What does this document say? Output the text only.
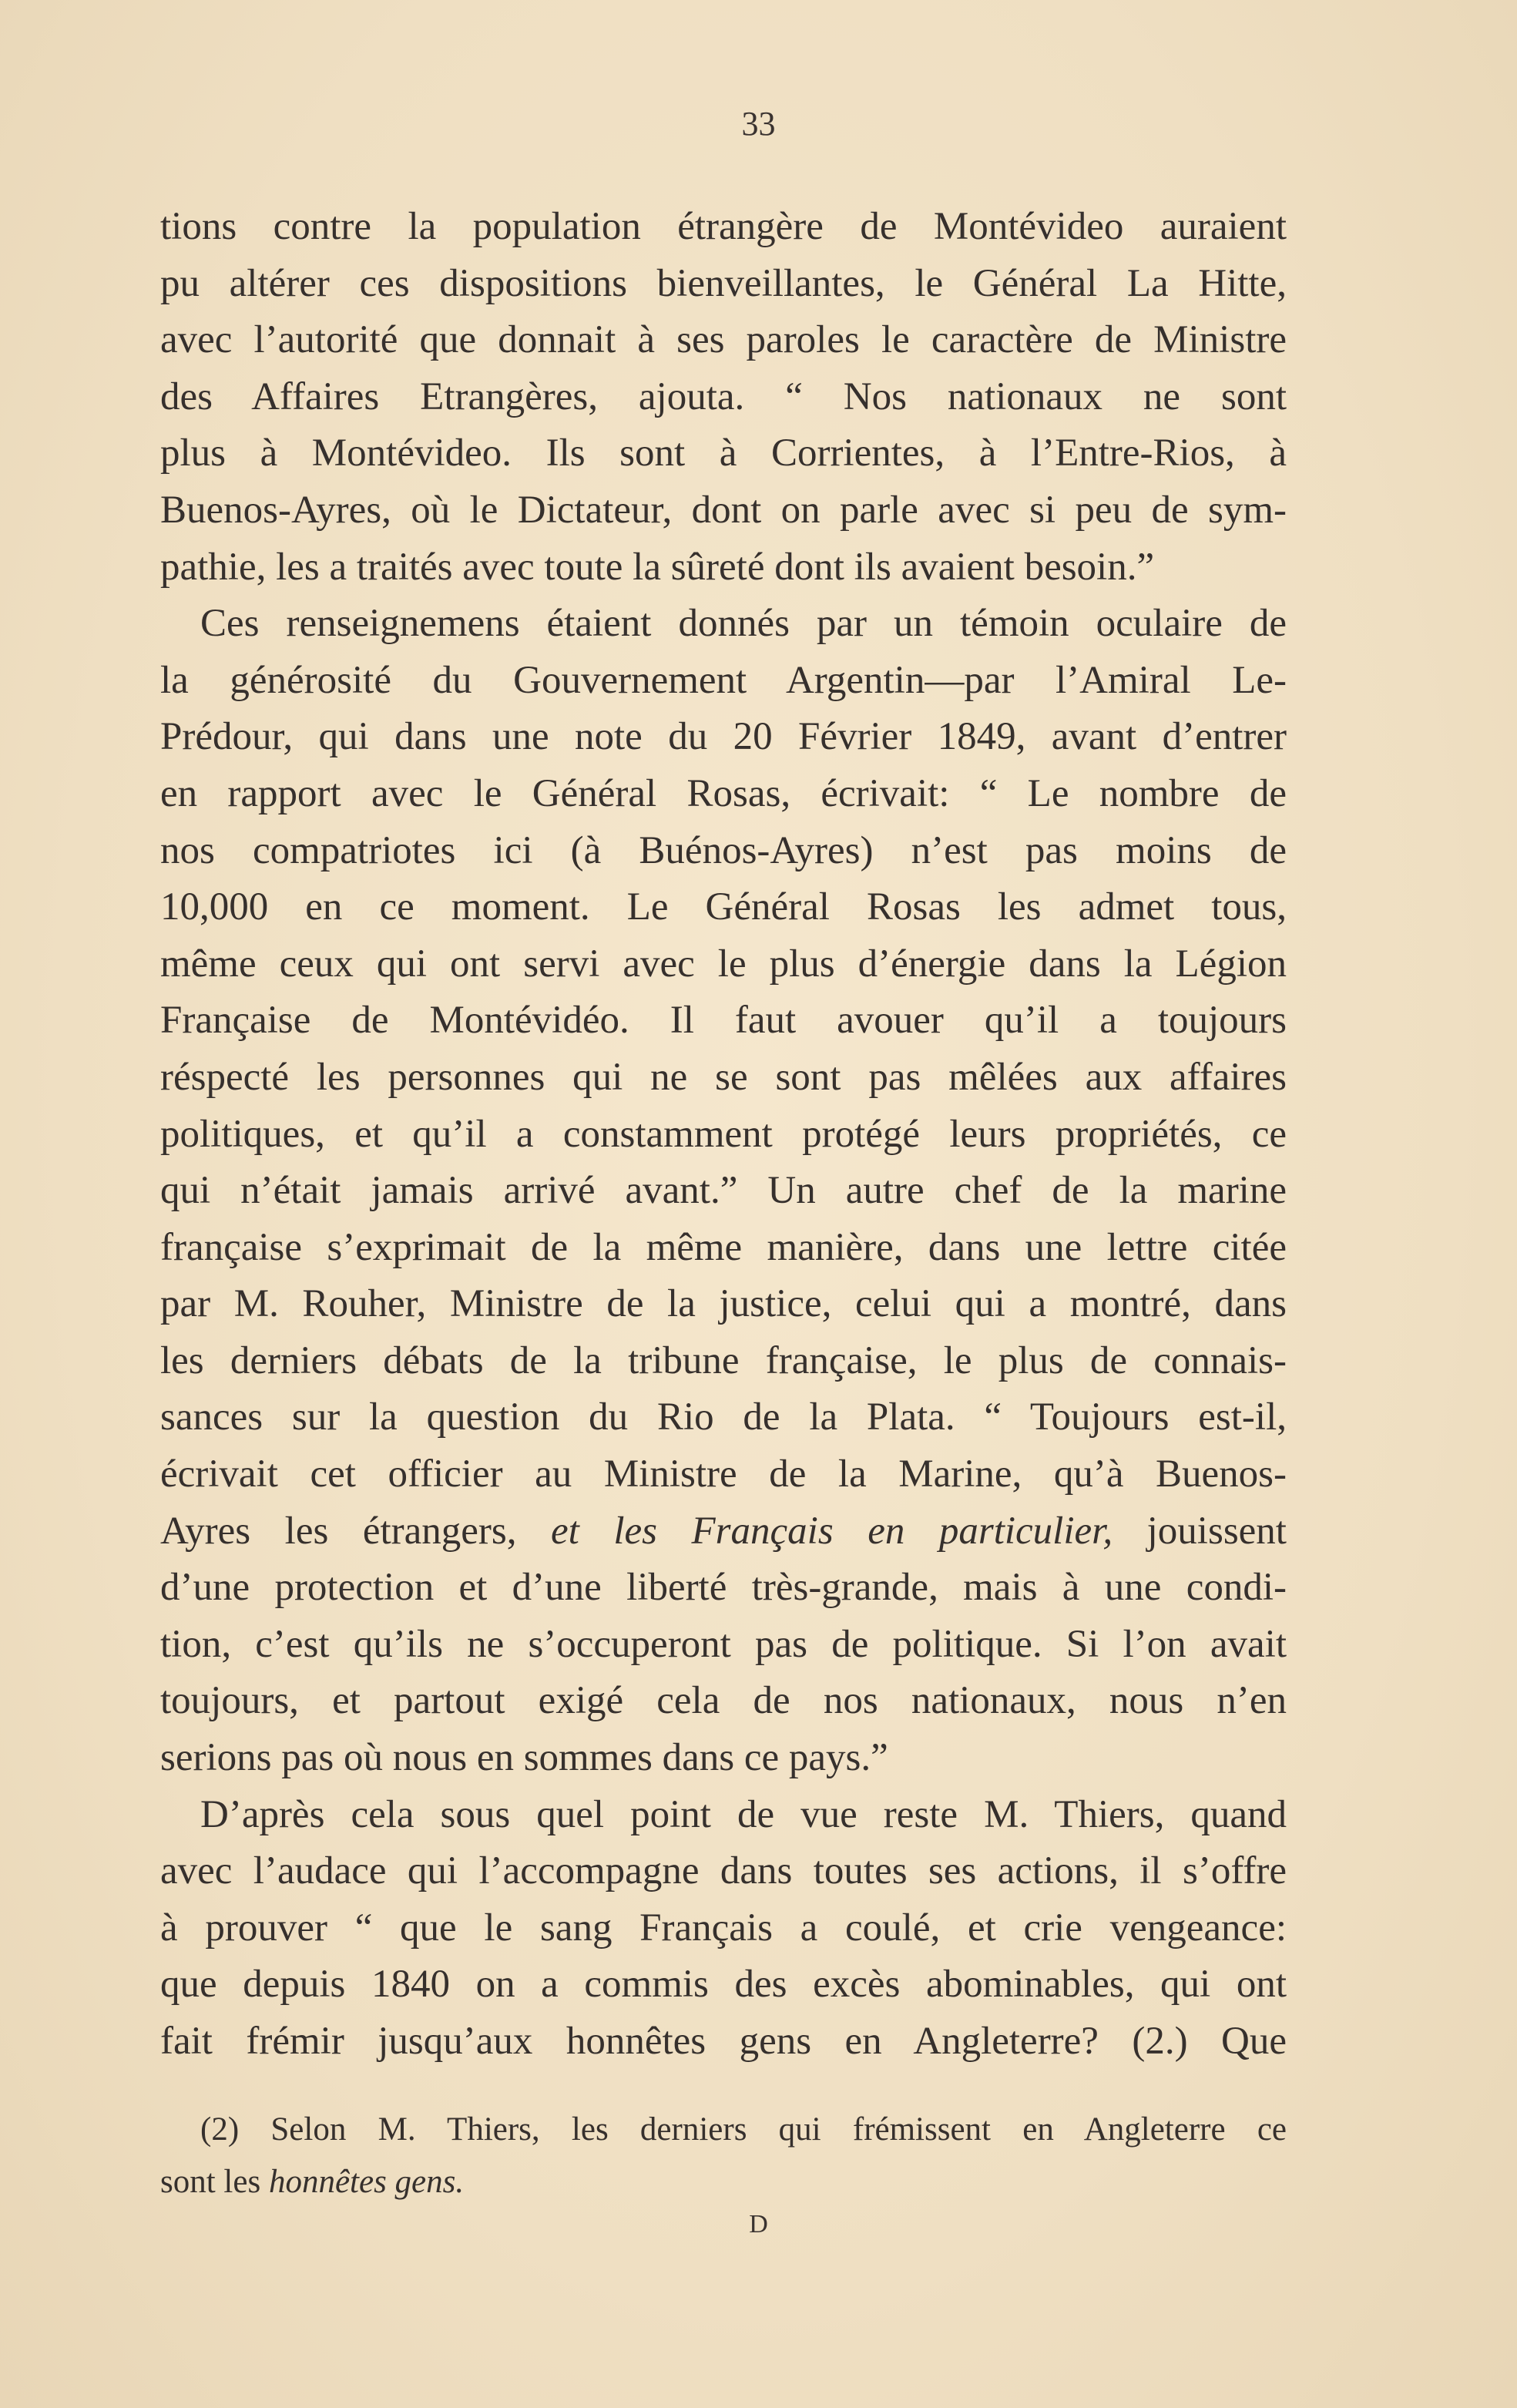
33
tions contre la population étrangère de Montévideo auraient
pu altérer ces dispositions bienveillantes, le Général La Hitte,
avec l’autorité que donnait à ses paroles le caractère de Ministre
des Affaires Etrangères, ajouta. “ Nos nationaux ne sont
plus à Montévideo. Ils sont à Corrientes, à l’Entre-Rios, à
Buenos-Ayres, où le Dictateur, dont on parle avec si peu de sym-
pathie, les a traités avec toute la sûreté dont ils avaient besoin.”
Ces renseignemens étaient donnés par un témoin oculaire de
la générosité du Gouvernement Argentin—par l’Amiral Le-
Prédour, qui dans une note du 20 Février 1849, avant d’entrer
en rapport avec le Général Rosas, écrivait: “ Le nombre de
nos compatriotes ici (à Buénos-Ayres) n’est pas moins de
10,000 en ce moment. Le Général Rosas les admet tous,
même ceux qui ont servi avec le plus d’énergie dans la Légion
Française de Montévidéo. Il faut avouer qu’il a toujours
réspecté les personnes qui ne se sont pas mêlées aux affaires
politiques, et qu’il a constamment protégé leurs propriétés, ce
qui n’était jamais arrivé avant.” Un autre chef de la marine
française s’exprimait de la même manière, dans une lettre citée
par M. Rouher, Ministre de la justice, celui qui a montré, dans
les derniers débats de la tribune française, le plus de connais-
sances sur la question du Rio de la Plata. “ Toujours est-il,
écrivait cet officier au Ministre de la Marine, qu’à Buenos-
Ayres les étrangers, et les Français en particulier, jouissent
d’une protection et d’une liberté très-grande, mais à une condi-
tion, c’est qu’ils ne s’occuperont pas de politique. Si l’on avait
toujours, et partout exigé cela de nos nationaux, nous n’en
serions pas où nous en sommes dans ce pays.”
D’après cela sous quel point de vue reste M. Thiers, quand
avec l’audace qui l’accompagne dans toutes ses actions, il s’offre
à prouver “ que le sang Français a coulé, et crie vengeance:
que depuis 1840 on a commis des excès abominables, qui ont
fait frémir jusqu’aux honnêtes gens en Angleterre? (2.) Que
(2) Selon M. Thiers, les derniers qui frémissent en Angleterre ce
sont les honnêtes gens.
D
